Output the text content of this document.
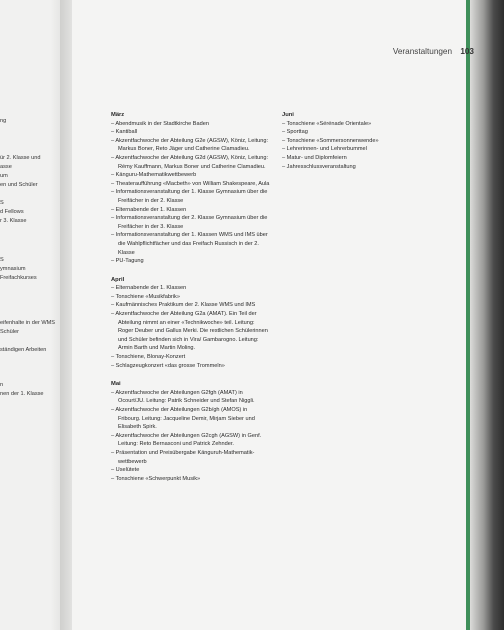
ng
ür 2. Klasse und
asse
um
en und Schüler
S
d Fellows
r 3. Klasse
S
ymnasium
Freifachkurses
eifenhalte in der WMS
Schüler
ständigen Arbeiten
n
nen der 1. Klasse
Veranstaltungen 103

März

– Abendmusik in der Stadtkirche Baden
– Kantiball
– Akzentfachwoche der Abteilung G2e (AGSW), Köniz, Leitung: Markus Boner, Reto Jäger und Catherine Clamadieu.
– Akzentfachwoche der Abteilung G2d (AGSW), Köniz, Leitung: Rémy Kauffmann, Markus Boner und Catherine Clamadieu.
– Känguru-Mathematikwettbewerb
– Theateraufführung «Macbeth» von William Shakespeare, Aula
– Informationsveranstaltung der 1. Klasse Gymnasium über die Freifächer in der 2. Klasse
– Elternabende der 1. Klassen
– Informationsveranstaltung der 2. Klasse Gymnasium über die Freifächer in der 3. Klasse
– Informationsveranstaltung der 1. Klassen WMS und IMS über die Wahlpflichtfächer und das Freifach Russisch in der 2. Klasse
– PU-Tagung

April

– Elternabende der 1. Klassen
– Tonschiene «Musikfabrik»
– Kaufmännisches Praktikum der 2. Klasse WMS und IMS
– Akzentfachwoche der Abteilung G2a (AMAT). Ein Teil der Abteilung nimmt an einer «Technikwoche» teil. Leitung: Roger Deuber und Gallus Merki. Die restlichen Schülerinnen und Schüler befinden sich in Vira/ Gambarogno. Leitung: Armin Barth und Martin Moling.
– Tonschiene, Blonay-Konzert
– Schlagzeugkonzert «das grosse Trommeln»

Mai

– Akzentfachwoche der Abteilungen G2fgh (AMAT) in Ocourt/JU. Leitung: Patrik Schneider und Stefan Niggli.
– Akzentfachwoche der Abteilungen G2b/gh (AMOS) in Fribourg. Leitung: Jacqueline Demir, Mirjam Sieber und Elisabeth Spirk.
– Akzentfachwoche der Abteilungen G2cgh (AGSW) in Genf. Leitung: Reto Bernasconi und Patrick Zehnder.
– Präsentation und Preisübergabe Känguruh-Mathematik-wettbewerb
– Uselütete
– Tonschiene «Schwerpunkt Musik»

Juni

– Tonschiene «Sérénade Orientale»
– Sporttag
– Tonschiene «Sommersonnenwende»
– Lehrerinnen- und Lehrerbummel
– Matur- und Diplomfeiern
– Jahresschlussveranstaltung
